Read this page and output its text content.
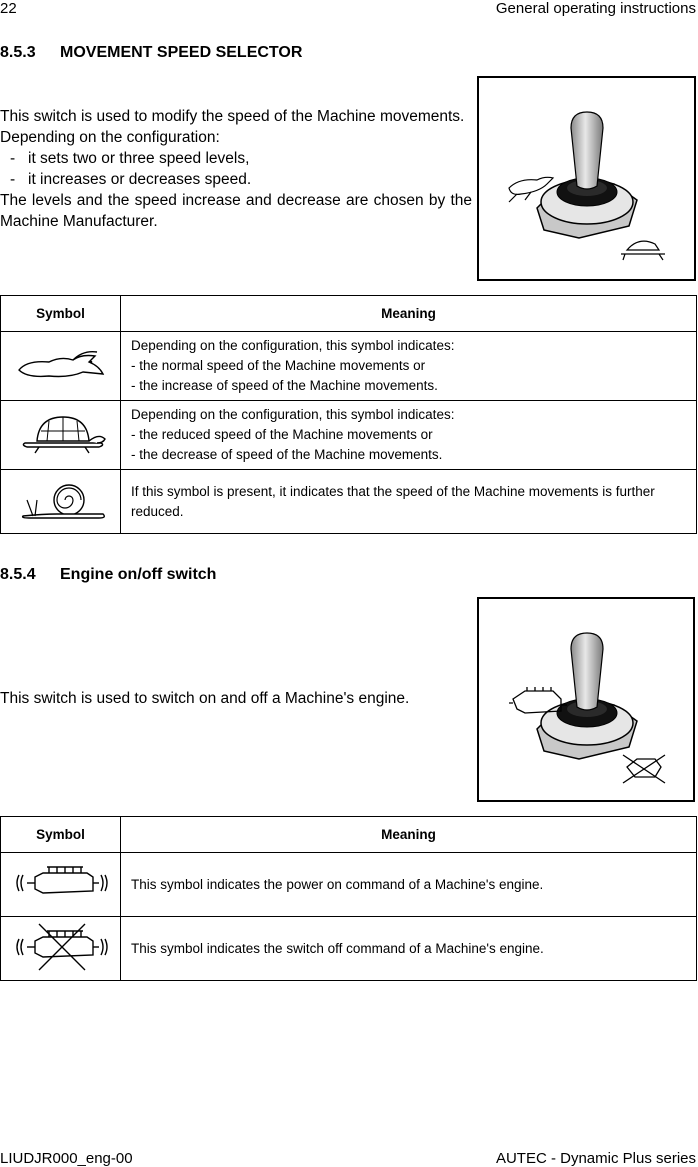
22	General operating instructions
8.5.3 MOVEMENT SPEED SELECTOR
This switch is used to modify the speed of the Machine movements.
Depending on the configuration:
- it sets two or three speed levels,
- it increases or decreases speed.
The levels and the speed increase and decrease are chosen by the Machine Manufacturer.
Symbol	Meaning

Depending on the configuration, this symbol indicates:
- the normal speed of the Machine movements or
- the increase of speed of the Machine movements.

Depending on the configuration, this symbol indicates:
- the reduced speed of the Machine movements or
- the decrease of speed of the Machine movements.

If this symbol is present, it indicates that the speed of the Machine movements is further reduced.
8.5.4 Engine on/off switch
This switch is used to switch on and off a Machine's engine.
Symbol	Meaning
	This symbol indicates the power on command of a Machine's engine.
	This symbol indicates the switch off command of a Machine's engine.
LIUDJR000_eng-00	AUTEC - Dynamic Plus series
